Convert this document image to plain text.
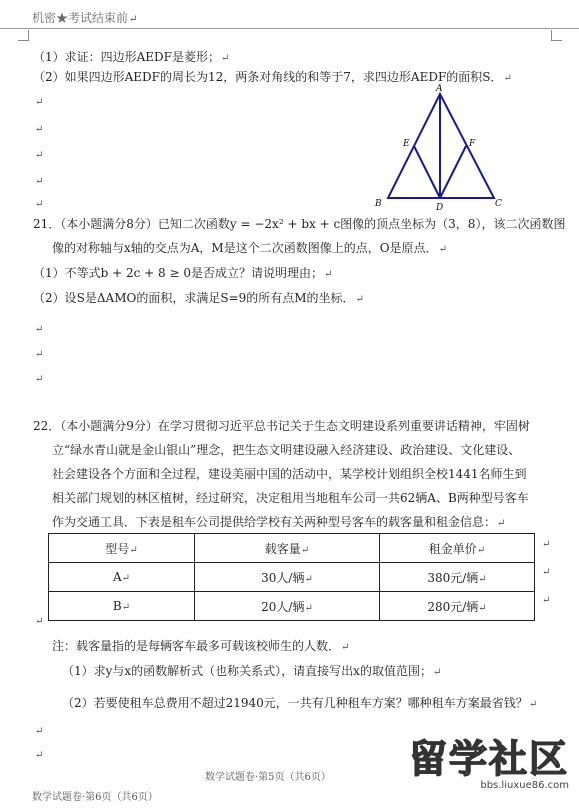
机密★考试结束前↵
（1）求证：四边形AEDF是菱形；↵
（2）如果四边形AEDF的周长为12，两条对角线的和等于7，求四边形AEDF的面积S．↵
↵
↵
↵
↵
↵
A
E	F
B	D	C
21．（本小题满分8分）已知二次函数y = −2x² + bx + c图像的顶点坐标为（3，8），该二次函数图
像的对称轴与x轴的交点为A，M是这个二次函数图像上的点，O是原点．↵
（1）不等式b + 2c + 8 ≥ 0是否成立？请说明理由；↵
（2）设S是ΔAMO的面积，求满足S=9的所有点M的坐标．↵
↵
↵
↵
22．（本小题满分9分）在学习贯彻习近平总书记关于生态文明建设系列重要讲话精神，牢固树
立“绿水青山就是金山银山”理念，把生态文明建设融入经济建设、政治建设、文化建设、
社会建设各个方面和全过程，建设美丽中国的活动中，某学校计划组织全校1441名师生到
相关部门规划的林区植树，经过研究，决定租用当地租车公司一共62辆A、B两种型号客车
作为交通工具．下表是租车公司提供给学校有关两种型号客车的载客量和租金信息：↵
型号↵	载客量↵	租金单价↵
A↵	30人/辆↵	380元/辆↵
B↵	20人/辆↵	280元/辆↵
↵
↵
↵
↵
注：载客量指的是每辆客车最多可载该校师生的人数．↵
（1）求y与x的函数解析式（也称关系式），请直接写出x的取值范围；↵
（2）若要使租车总费用不超过21940元，一共有几种租车方案？哪种租车方案最省钱？↵
↵
↵
数学试题卷·第5页（共6页）
数学试题卷·第6页（共6页）
留学社区
bbs.liuxue86.com
